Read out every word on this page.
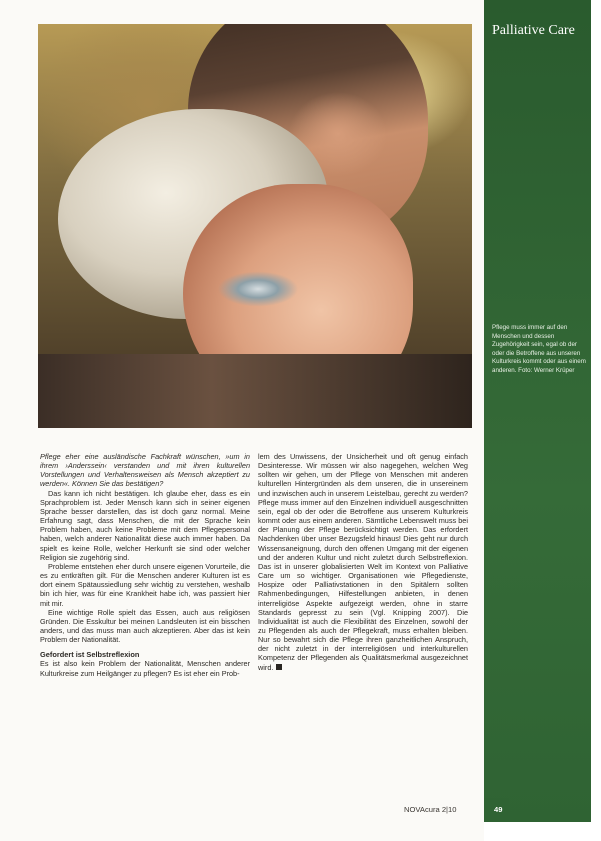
Palliative Care
Pflege muss immer auf den Menschen und dessen Zugehörigkeit sein, egal ob der oder die Betroffene aus unseren Kulturkreis kommt oder aus einem anderen. Foto: Werner Krüper

Pflege eher eine ausländische Fachkraft wünschen, »um in ihrem ›Anderssein‹ verstanden und mit ihren kulturellen Vorstellungen und Verhaltensweisen als Mensch akzeptiert zu werden«. Können Sie das bestätigen?

Das kann ich nicht bestätigen. Ich glaube eher, dass es ein Sprachproblem ist. Jeder Mensch kann sich in seiner eigenen Sprache besser darstellen, das ist doch ganz normal. Meine Erfahrung sagt, dass Menschen, die mit der Sprache kein Problem haben, auch keine Probleme mit dem Pflegepersonal haben, welch anderer Nationalität diese auch immer haben. Da spielt es keine Rolle, welcher Herkunft sie sind oder welcher Religion sie zugehörig sind.

Probleme entstehen eher durch unsere eigenen Vorurteile, die es zu entkräften gilt. Für die Menschen anderer Kulturen ist es dort einem Spätaussiedlung sehr wichtig zu verstehen, weshalb bin ich hier, was für eine Krankheit habe ich, was passiert hier mit mir.

Eine wichtige Rolle spielt das Essen, auch aus religiösen Gründen. Die Esskultur bei meinen Landsleuten ist ein bisschen anders, und das muss man auch akzeptieren. Aber das ist kein Problem der Nationalität.

Gefordert ist Selbstreflexion

Es ist also kein Problem der Nationalität, Menschen anderer Kulturkreise zum Heilgänger zu pflegen? Es ist eher ein Prob-

lem des Unwissens, der Unsicherheit und oft genug einfach Desinteresse. Wir müssen wir also nagegehen, welchen Weg sollten wir gehen, um der Pflege von Menschen mit anderen kulturellen Hintergründen als dem unseren, die in unsereinem und inzwischen auch in unserem Leistelbau, gerecht zu werden? Pflege muss immer auf den Einzelnen individuell ausgeschnitten sein, egal ob der oder die Betroffene aus unserem Kulturkreis kommt oder aus einem anderen. Sämtliche Lebenswelt muss bei der Planung der Pflege berücksichtigt werden. Das erfordert Nachdenken über unser Bezugsfeld hinaus! Dies geht nur durch Wissensaneignung, durch den offenen Umgang mit der eigenen und der anderen Kultur und nicht zuletzt durch Selbstreflexion. Das ist in unserer globalisierten Welt im Kontext von Palliative Care um so wichtiger. Organisationen wie Pflegedienste, Hospize oder Palliativstationen in den Spitälern sollten Rahmenbedingungen, Hilfestellungen anbieten, in denen interreligiöse Aspekte aufgezeigt werden, ohne in starre Standards gepresst zu sein (Vgl. Knipping 2007). Die Individualität ist auch die Flexibilität des Einzelnen, sowohl der zu Pflegenden als auch der Pflegekraft, muss erhalten bleiben. Nur so bewahrt sich die Pflege ihren ganzheitlichen Anspruch, der nicht zuletzt in der interreligiösen und interkulturellen Kompetenz der Pflegenden als Qualitätsmerkmal ausgezeichnet wird.

NOVAcura 2|10	49
